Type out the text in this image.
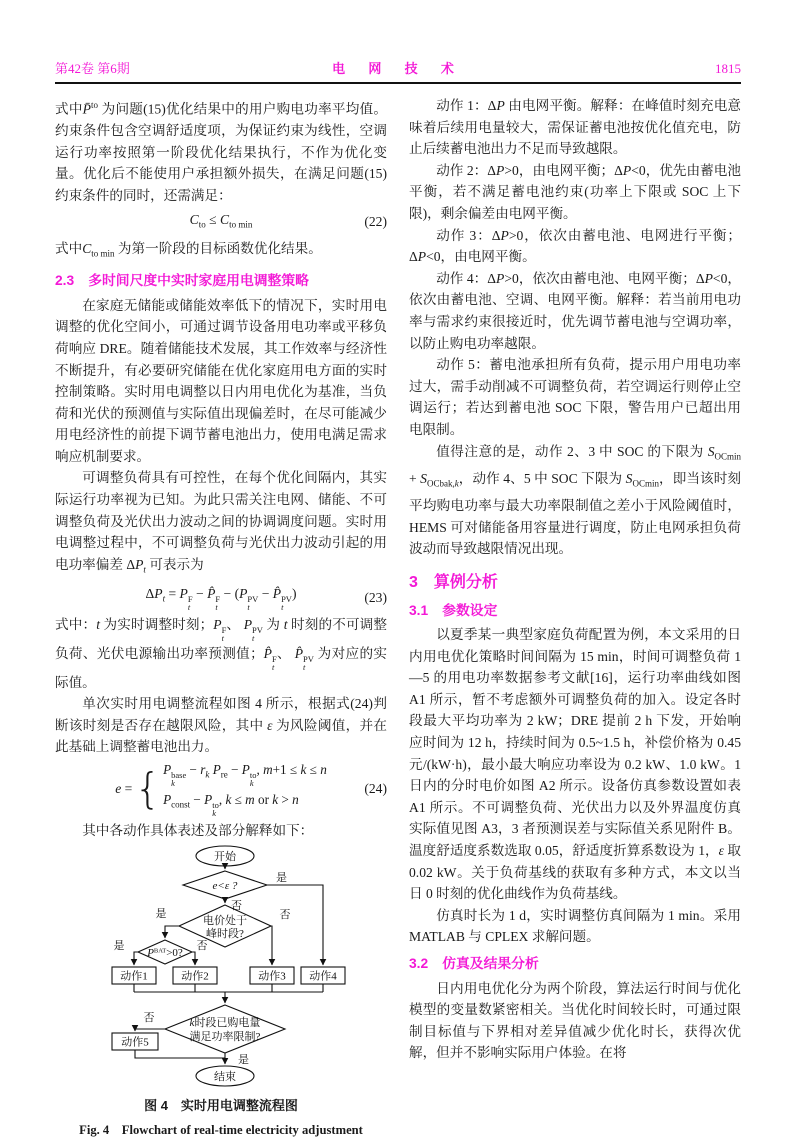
第42卷 第6期	电 网 技 术	1815
式中P̄$^{to}$ 为问题(15)优化结果中的用户购电功率平均值。约束条件包含空调舒适度项，为保证约束为线性，空调运行功率按照第一阶段优化结果执行，不作为优化变量。优化后不能使用户承担额外损失，在满足问题(15)约束条件的同时，还需满足：
$C_{to} \le C_{to min}$	(22)
式中$C_{to min}$ 为第一阶段的目标函数优化结果。
2.3 多时间尺度中实时家庭用电调整策略
在家庭无储能或储能效率低下的情况下，实时用电调整的优化空间小，可通过调节设备用电功率或平移负荷响应 DRE。随着储能技术发展，其工作效率与经济性不断提升，有必要研究储能在优化家庭用电方面的实时控制策略。实时用电调整以日内用电优化为基准，当负荷和光伏的预测值与实际值出现偏差时，在尽可能减少用电经济性的前提下调节蓄电池出力，使用电满足需求响应机制要求。
可调整负荷具有可控性，在每个优化间隔内，其实际运行功率视为已知。为此只需关注电网、储能、不可调整负荷及光伏出力波动之间的协调调度问题。实时用电调整过程中，不可调整负荷与光伏出力波动引起的用电功率偏差 $\Delta P_t$ 可表示为
$\Delta P_t = P$ F
t
− P̂ F
t
− (P PV
t
− P̂ PV
t
)	(23)
式中：t 为实时调整时刻；P F
t
、 P PV
t
为 t 时刻的不可调整负荷、光伏电源输出功率预测值；P̂ F
t
、 P̂ PV
t
为对应的实际值。
单次实时用电调整流程如图 4 所示，根据式(24)判断该时刻是否存在越限风险，其中 ε 为风险阈值，并在此基础上调整蓄电池出力。
e
= { P base
k
− $r_k$ $P_{re} - P$ to
k
, m+1 ≤ k ≤ n
$P_{const} - P$ to
k
, k ≤ m or k > n
(24)
其中各动作具体表述及部分解释如下：
开始
e<ε ?
是
否
电价处于
峰时段?
是	否
$P^{BAT}>0$?
是	否
动作1	动作2	动作3 动作4
k时段已购电量
满足功率限制?
否
动作5
是
结束
图 4　实时用电调整流程图
Fig. 4　Flowchart of real-time electricity adjustment
动作 1：ΔP 由电网平衡。解释：在峰值时刻充电意味着后续用电量较大，需保证蓄电池按优化值充电，防止后续蓄电池出力不足而导致越限。
动作 2：ΔP>0，由电网平衡；ΔP<0，优先由蓄电池平衡，若不满足蓄电池约束(功率上下限或 SOC 上下限)，剩余偏差由电网平衡。
动作 3：ΔP>0，依次由蓄电池、电网进行平衡；ΔP<0，由电网平衡。
动作 4：ΔP>0，依次由蓄电池、电网平衡；ΔP<0，依次由蓄电池、空调、电网平衡。解释：若当前用电功率与需求约束很接近时，优先调节蓄电池与空调功率，以防止购电功率越限。
动作 5：蓄电池承担所有负荷，提示用户用电功率过大，需手动削减不可调整负荷，若空调运行则停止空调运行；若达到蓄电池 SOC 下限，警告用户已超出用电限制。
值得注意的是，动作 2、3 中 SOC 的下限为 $S_{OCmin} + S_{OCbak,k}$，动作 4、5 中 SOC 下限为 $S_{OCmin}$，即当该时刻平均购电功率与最大功率限制值之差小于风险阈值时，HEMS 可对储能备用容量进行调度，防止电网承担负荷波动而导致越限情况出现。
3 算例分析
3.1 参数设定
以夏季某一典型家庭负荷配置为例，本文采用的日内用电优化策略时间间隔为 15 min，时间可调整负荷 1—5 的用电功率数据参考文献[16]，运行功率曲线如图 A1 所示，暂不考虑额外可调整负荷的加入。设定各时段最大平均功率为 2 kW；DRE 提前 2 h 下发，开始响应时间为 12 h，持续时间为 0.5~1.5 h，补偿价格为 0.45 元/(kW·h)，最小最大响应功率设为 0.2 kW、1.0 kW。1 日内的分时电价如图 A2 所示。设备仿真参数设置如表 A1 所示。不可调整负荷、光伏出力以及外界温度仿真实际值见图 A3，3 者预测误差与实际值关系见附件 B。温度舒适度系数选取 0.05，舒适度折算系数设为 1，ε 取 0.02 kW。关于负荷基线的获取有多种方式，本文以当日 0 时刻的优化曲线作为负荷基线。
仿真时长为 1 d，实时调整仿真间隔为 1 min。采用 MATLAB 与 CPLEX 求解问题。
3.2 仿真及结果分析
日内用电优化分为两个阶段，算法运行时间与优化模型的变量数紧密相关。当优化时间较长时，可通过限制目标值与下界相对差异值减少优化时长，获得次优解，但并不影响实际用户体验。在将
